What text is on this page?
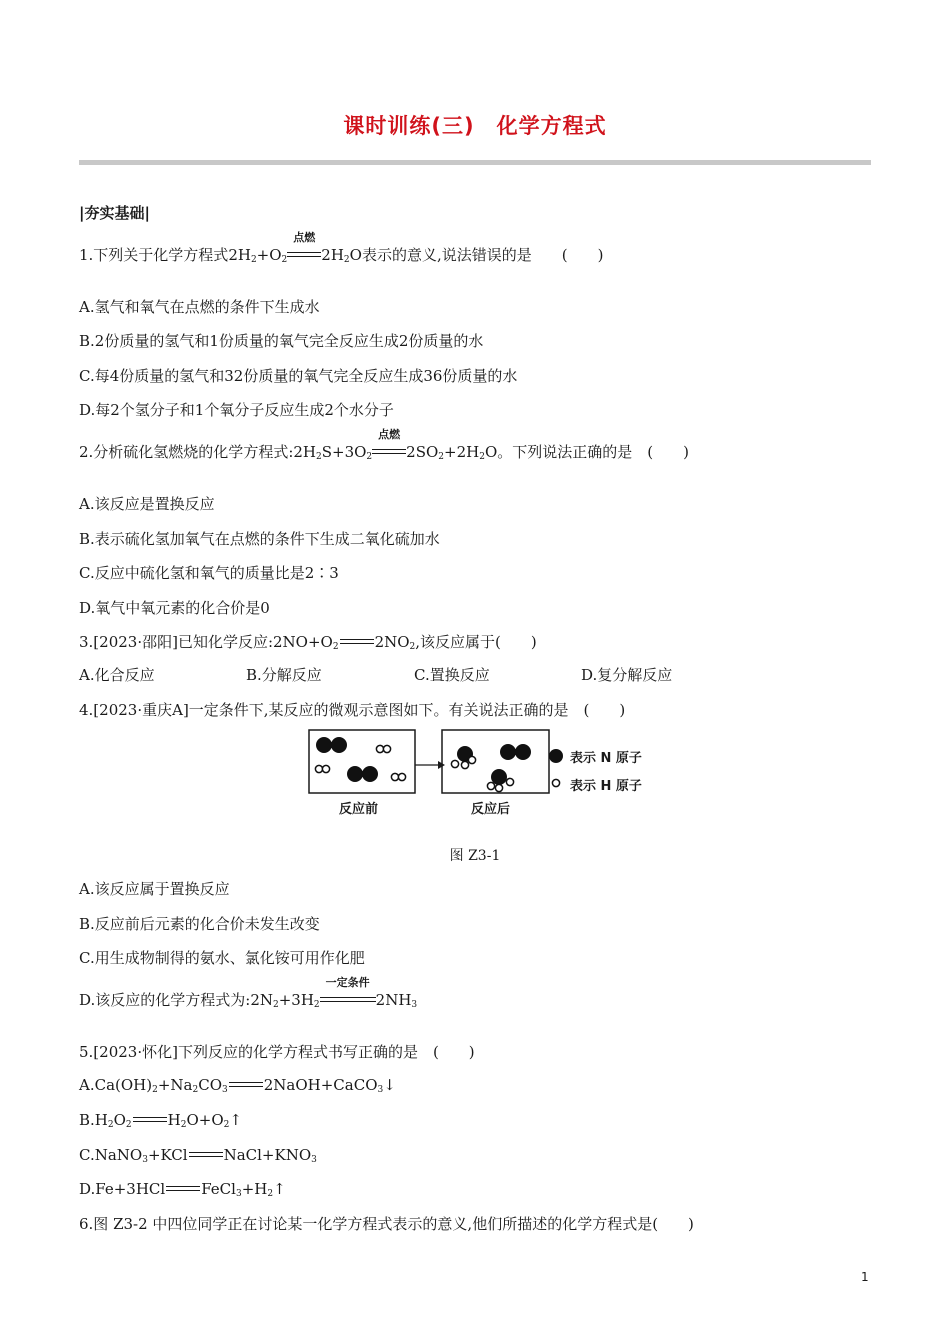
课时训练(三)　化学方程式
|夯实基础|
1.下列关于化学方程式$2H_2+O_2$
点燃
$2H_2O$表示的意义,说法错误的是　　(　　)
A.氢气和氧气在点燃的条件下生成水
B.2份质量的氢气和1份质量的氧气完全反应生成2份质量的水
C.每4份质量的氢气和32份质量的氧气完全反应生成36份质量的水
D.每2个氢分子和1个氧分子反应生成2个水分子
2.分析硫化氢燃烧的化学方程式$:2H_2S+3O_2$
点燃
$2SO_2+2H_2O$。下列说法正确的是　(　　)
A.该反应是置换反应
B.表示硫化氢加氧气在点燃的条件下生成二氧化硫加水
C.反应中硫化氢和氧气的质量比是2∶3
D.氧气中氧元素的化合价是0
3.[2023·邵阳]已知化学反应$:2NO+O_2$ $2NO_2$,该反应属于(　　)
A.化合反应	B.分解反应	C.置换反应	D.复分解反应
4.[2023·重庆A]一定条件下,某反应的微观示意图如下。有关说法正确的是　(　　)
反应前	反应后
表示 N 原子
表示 H 原子
图 Z3-1
A.该反应属于置换反应
B.反应前后元素的化合价未发生改变
C.用生成物制得的氨水、氯化铵可用作化肥
D.该反应的化学方程式为$:2N_2+3H_2$
一定条件
$2NH_3$
5.[2023·怀化]下列反应的化学方程式书写正确的是　(　　)
$A.Ca(OH)_2+Na_2CO_3$ 2NaOH+CaCO$_3$↓
$B.H_2O_2$ $H_2O+O_2↑$
C.NaNO$_3$+KCl $NaCl+KNO_3$
D.Fe+3HCl $FeCl_3+H_2↑$
6.图 Z3-2 中四位同学正在讨论某一化学方程式表示的意义,他们所描述的化学方程式是(　　)
1
